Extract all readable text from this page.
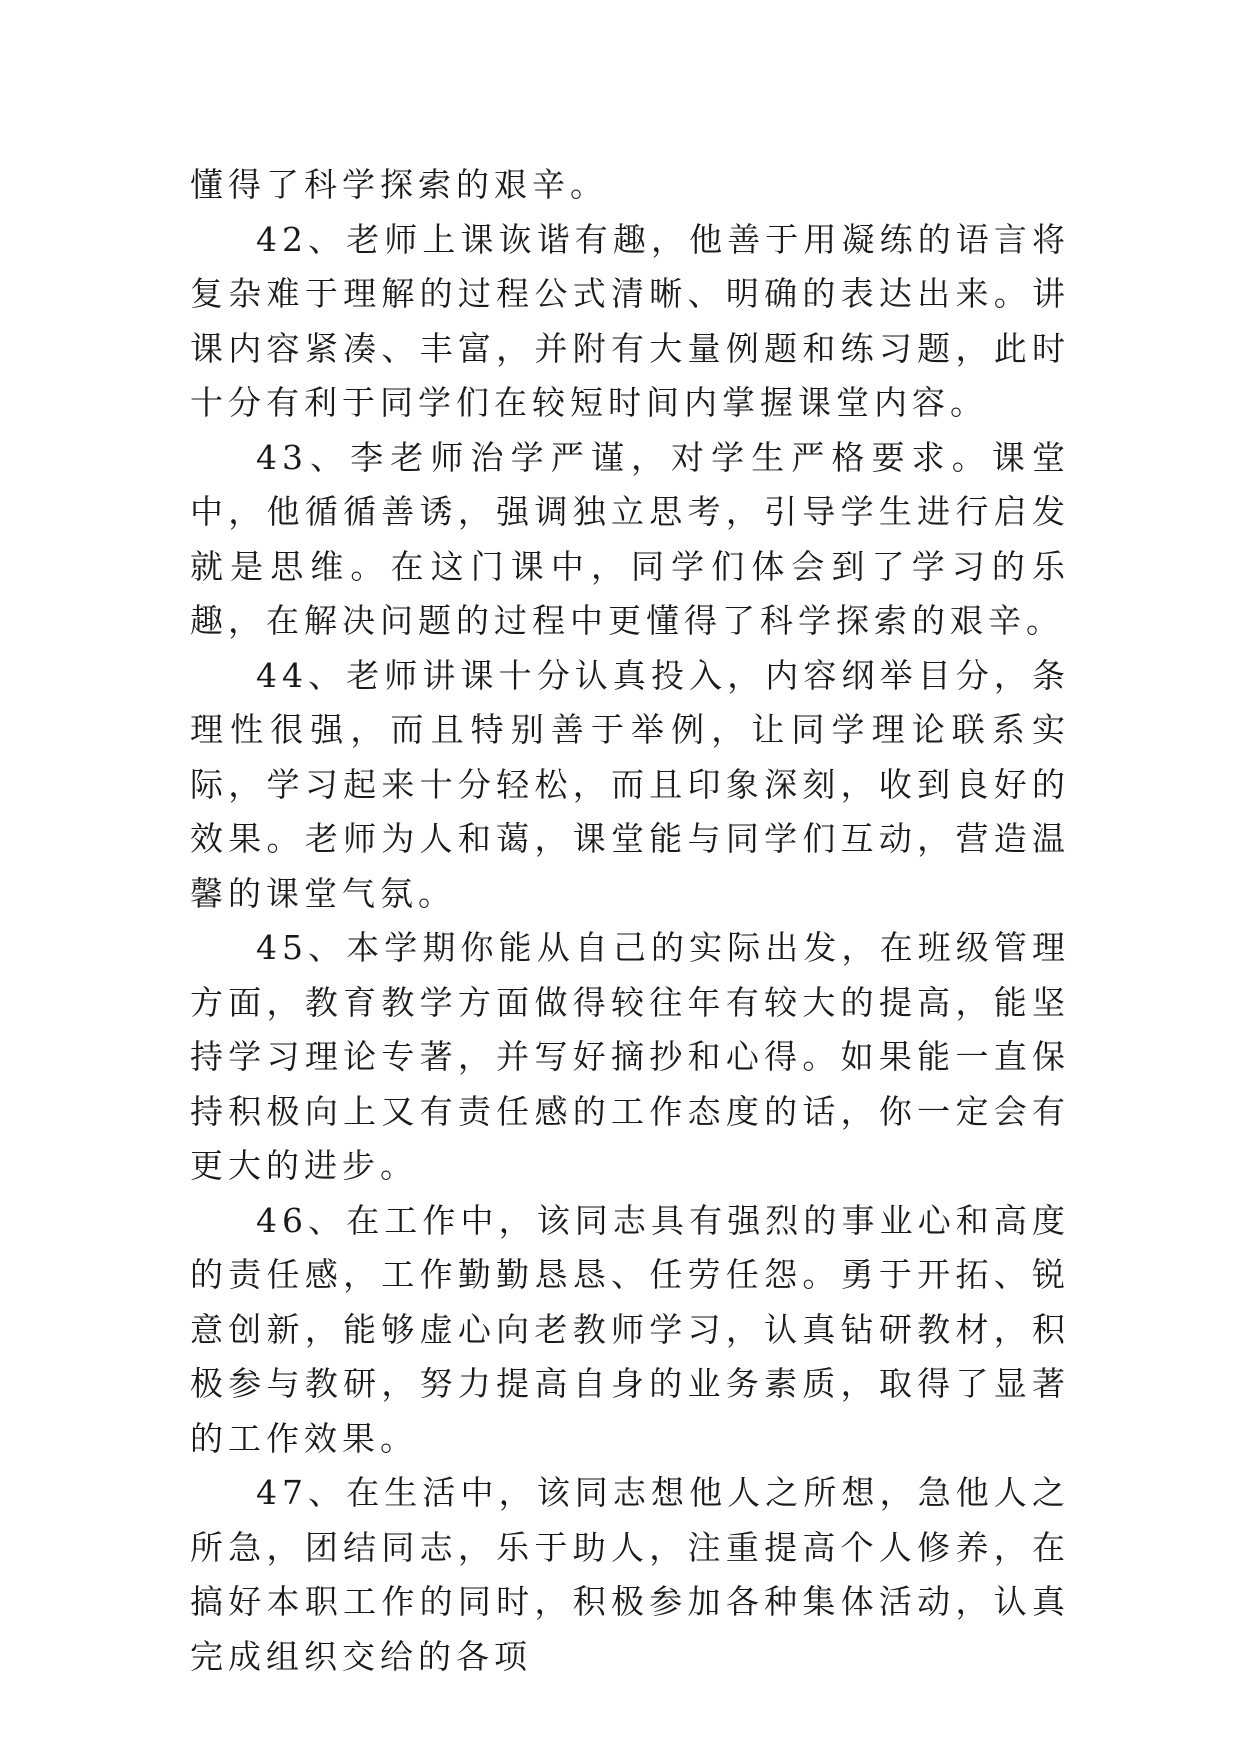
懂得了科学探索的艰辛。

42、老师上课诙谐有趣，他善于用凝练的语言将复杂难于理解的过程公式清晰、明确的表达出来。讲课内容紧凑、丰富，并附有大量例题和练习题，此时十分有利于同学们在较短时间内掌握课堂内容。

43、李老师治学严谨，对学生严格要求。课堂中，他循循善诱，强调独立思考，引导学生进行启发就是思维。在这门课中，同学们体会到了学习的乐趣，在解决问题的过程中更懂得了科学探索的艰辛。

44、老师讲课十分认真投入，内容纲举目分，条理性很强，而且特别善于举例，让同学理论联系实际，学习起来十分轻松，而且印象深刻，收到良好的效果。老师为人和蔼，课堂能与同学们互动，营造温馨的课堂气氛。

45、本学期你能从自己的实际出发，在班级管理方面，教育教学方面做得较往年有较大的提高，能坚持学习理论专著，并写好摘抄和心得。如果能一直保持积极向上又有责任感的工作态度的话，你一定会有更大的进步。

46、在工作中，该同志具有强烈的事业心和高度的责任感，工作勤勤恳恳、任劳任怨。勇于开拓、锐意创新，能够虚心向老教师学习，认真钻研教材，积极参与教研，努力提高自身的业务素质，取得了显著的工作效果。

47、在生活中，该同志想他人之所想，急他人之所急，团结同志，乐于助人，注重提高个人修养，在搞好本职工作的同时，积极参加各种集体活动，认真完成组织交给的各项
